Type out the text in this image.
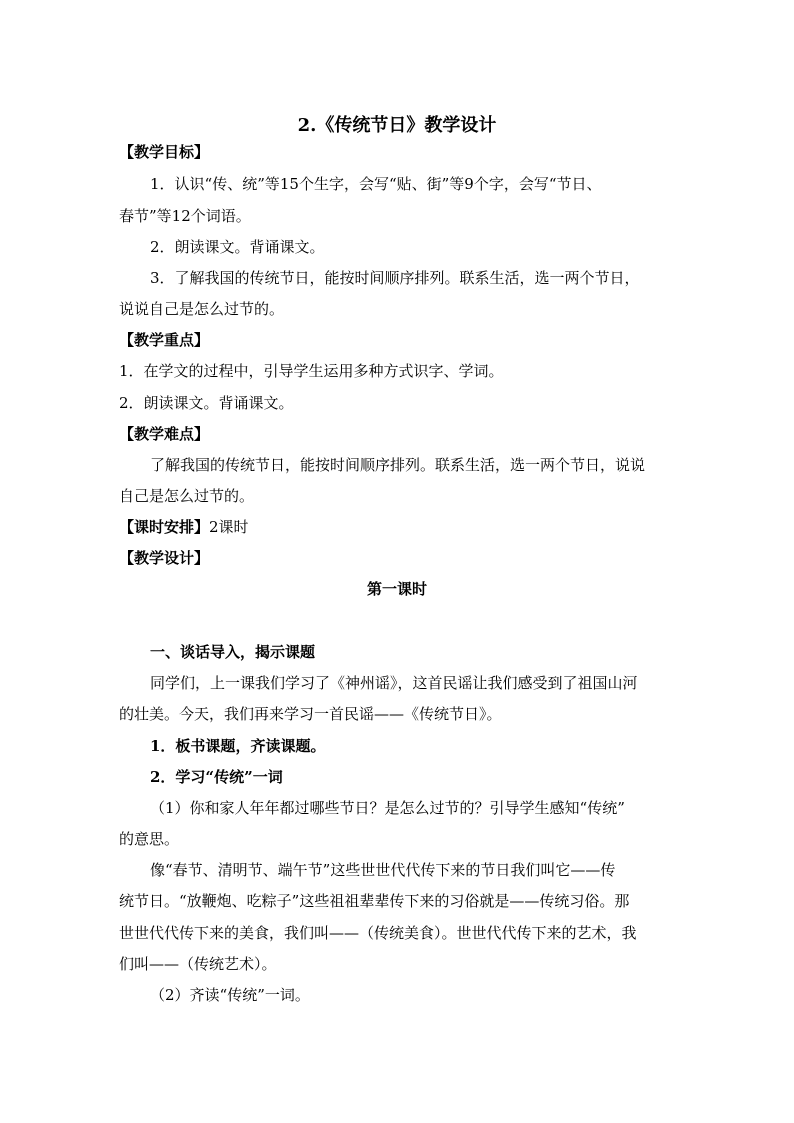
2.《传统节日》教学设计
【教学目标】
1．认识“传、统”等15个生字，会写“贴、街”等9个字，会写“节日、
春节”等12个词语。
2．朗读课文。背诵课文。
3．了解我国的传统节日，能按时间顺序排列。联系生活，选一两个节日，
说说自己是怎么过节的。
【教学重点】
1．在学文的过程中，引导学生运用多种方式识字、学词。
2．朗读课文。背诵课文。
【教学难点】
了解我国的传统节日，能按时间顺序排列。联系生活，选一两个节日，说说
自己是怎么过节的。
【课时安排】2课时
【教学设计】
第一课时
一、谈话导入，揭示课题
同学们，上一课我们学习了《神州谣》，这首民谣让我们感受到了祖国山河
的壮美。今天，我们再来学习一首民谣——《传统节日》。
1．板书课题，齐读课题。
2．学习“传统”一词
（1）你和家人年年都过哪些节日？是怎么过节的？引导学生感知“传统”
的意思。
像“春节、清明节、端午节”这些世世代代传下来的节日我们叫它——传
统节日。“放鞭炮、吃粽子”这些祖祖辈辈传下来的习俗就是——传统习俗。那
世世代代传下来的美食，我们叫——（传统美食）。世世代代传下来的艺术，我
们叫——（传统艺术）。
（2）齐读“传统”一词。
